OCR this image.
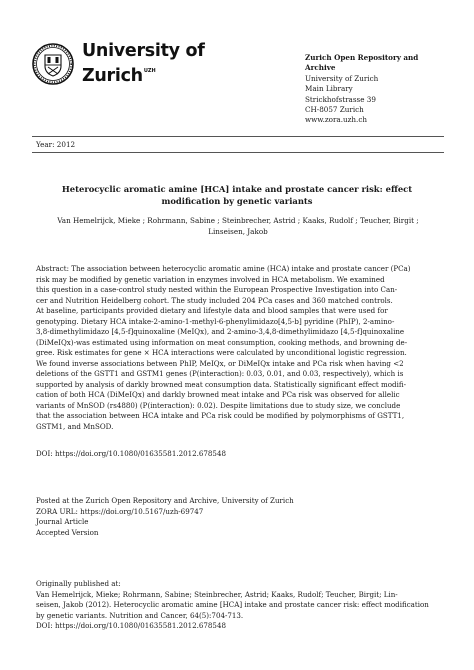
University of
Zurich$^{UZH}$
Zurich Open Repository and
Archive
University of Zurich
Main Library
Strickhofstrasse 39
CH-8057 Zurich
www.zora.uzh.ch
Year: 2012
Heterocyclic aromatic amine [HCA] intake and prostate cancer risk: effect
modification by genetic variants
Van Hemelrijck, Mieke ; Rohrmann, Sabine ; Steinbrecher, Astrid ; Kaaks, Rudolf ; Teucher, Birgit ;
Linseisen, Jakob
Abstract: The association between heterocyclic aromatic amine (HCA) intake and prostate cancer (PCa)
risk may be modified by genetic variation in enzymes involved in HCA metabolism. We examined
this question in a case-control study nested within the European Prospective Investigation into Can-
cer and Nutrition Heidelberg cohort. The study included 204 PCa cases and 360 matched controls.
At baseline, participants provided dietary and lifestyle data and blood samples that were used for
genotyping. Dietary HCA intake-2-amino-1-methyl-6-phenylimidazo[4,5-b] pyridine (PhIP), 2-amino-
3,8-dimethylimidazo [4,5-f]quinoxaline (MeIQx), and 2-amino-3,4,8-dimethylimidazo [4,5-f]quinoxaline
(DiMeIQx)-was estimated using information on meat consumption, cooking methods, and browning de-
gree. Risk estimates for gene × HCA interactions were calculated by unconditional logistic regression.
We found inverse associations between PhIP, MeIQx, or DiMeIQx intake and PCa risk when having <2
deletions of the GSTT1 and GSTM1 genes (P(interaction): 0.03, 0.01, and 0.03, respectively), which is
supported by analysis of darkly browned meat consumption data. Statistically significant effect modifi-
cation of both HCA (DiMeIQx) and darkly browned meat intake and PCa risk was observed for allelic
variants of MnSOD (rs4880) (P(interaction): 0.02). Despite limitations due to study size, we conclude
that the association between HCA intake and PCa risk could be modified by polymorphisms of GSTT1,
GSTM1, and MnSOD.
DOI: https://doi.org/10.1080/01635581.2012.678548
Posted at the Zurich Open Repository and Archive, University of Zurich
ZORA URL: https://doi.org/10.5167/uzh-69747
Journal Article
Accepted Version
Originally published at:
Van Hemelrijck, Mieke; Rohrmann, Sabine; Steinbrecher, Astrid; Kaaks, Rudolf; Teucher, Birgit; Lin-
seisen, Jakob (2012). Heterocyclic aromatic amine [HCA] intake and prostate cancer risk: effect modification
by genetic variants. Nutrition and Cancer, 64(5):704-713.
DOI: https://doi.org/10.1080/01635581.2012.678548
